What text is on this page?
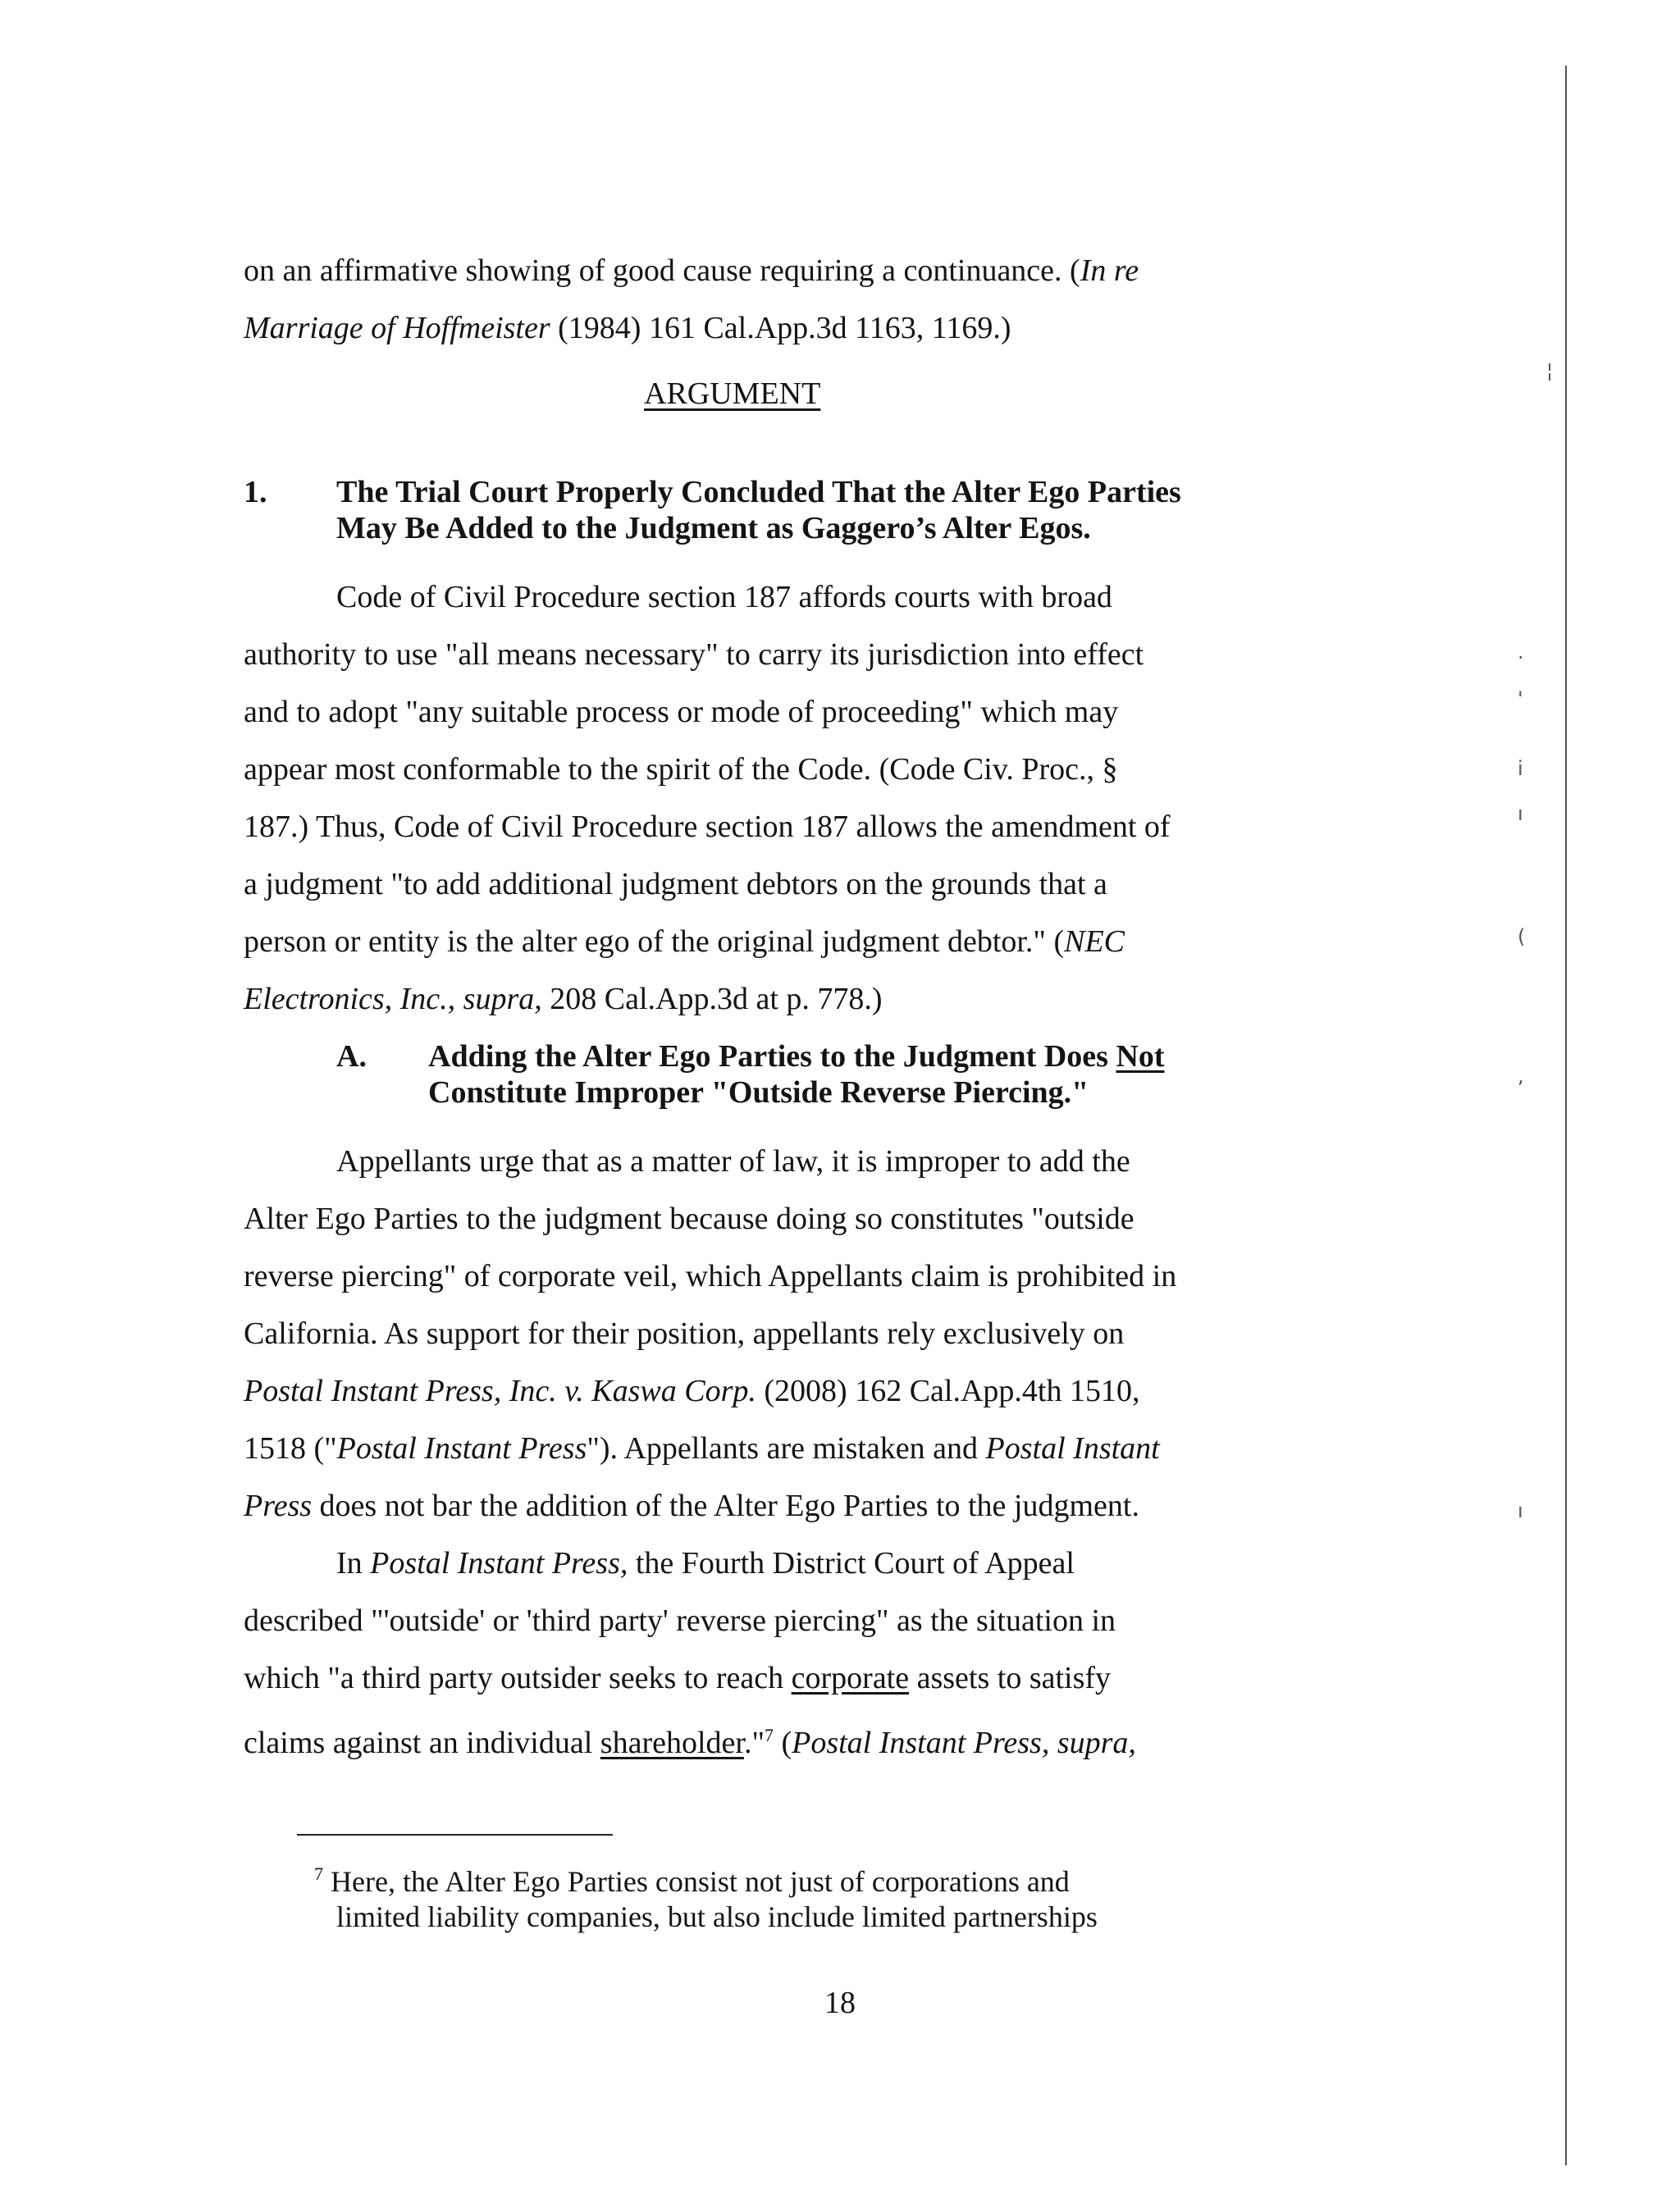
on an affirmative showing of good cause requiring a continuance. (In re
Marriage of Hoffmeister (1984) 161 Cal.App.3d 1163, 1169.)
ARGUMENT
1. The Trial Court Properly Concluded That the Alter Ego Parties
May Be Added to the Judgment as Gaggero’s Alter Egos.
Code of Civil Procedure section 187 affords courts with broad
authority to use "all means necessary" to carry its jurisdiction into effect
and to adopt "any suitable process or mode of proceeding" which may
appear most conformable to the spirit of the Code. (Code Civ. Proc., §
187.) Thus, Code of Civil Procedure section 187 allows the amendment of
a judgment "to add additional judgment debtors on the grounds that a
person or entity is the alter ego of the original judgment debtor." (NEC
Electronics, Inc., supra, 208 Cal.App.3d at p. 778.)
A. Adding the Alter Ego Parties to the Judgment Does Not
Constitute Improper "Outside Reverse Piercing."
Appellants urge that as a matter of law, it is improper to add the
Alter Ego Parties to the judgment because doing so constitutes "outside
reverse piercing" of corporate veil, which Appellants claim is prohibited in
California. As support for their position, appellants rely exclusively on
Postal Instant Press, Inc. v. Kaswa Corp. (2008) 162 Cal.App.4th 1510,
1518 ("Postal Instant Press"). Appellants are mistaken and Postal Instant
Press does not bar the addition of the Alter Ego Parties to the judgment.
In Postal Instant Press, the Fourth District Court of Appeal
described "'outside' or 'third party' reverse piercing" as the situation in
which "a third party outsider seeks to reach corporate assets to satisfy
claims against an individual shareholder."$^7$ (Postal Instant Press, supra,
$^7$ Here, the Alter Ego Parties consist not just of corporations and
limited liability companies, but also include limited partnerships
18
¦
·
'
i
ı
(
,
ı
